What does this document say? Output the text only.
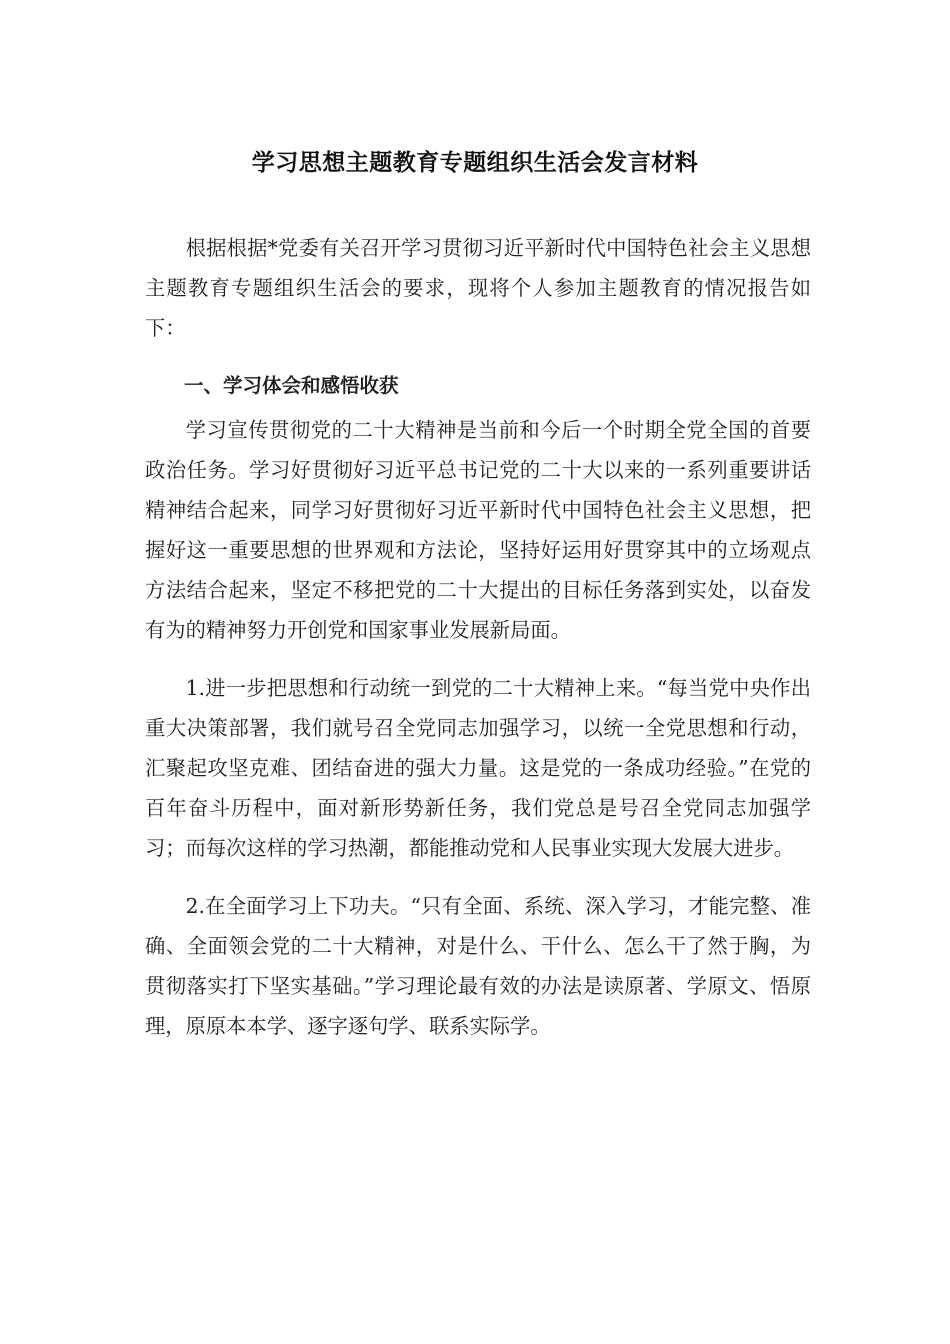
学习思想主题教育专题组织生活会发言材料

根据根据*党委有关召开学习贯彻习近平新时代中国特色社会主义思想主题教育专题组织生活会的要求，现将个人参加主题教育的情况报告如下：

一、学习体会和感悟收获

学习宣传贯彻党的二十大精神是当前和今后一个时期全党全国的首要政治任务。学习好贯彻好习近平总书记党的二十大以来的一系列重要讲话精神结合起来，同学习好贯彻好习近平新时代中国特色社会主义思想，把握好这一重要思想的世界观和方法论，坚持好运用好贯穿其中的立场观点方法结合起来，坚定不移把党的二十大提出的目标任务落到实处，以奋发有为的精神努力开创党和国家事业发展新局面。

1.进一步把思想和行动统一到党的二十大精神上来。“每当党中央作出重大决策部署，我们就号召全党同志加强学习，以统一全党思想和行动，汇聚起攻坚克难、团结奋进的强大力量。这是党的一条成功经验。”在党的百年奋斗历程中，面对新形势新任务，我们党总是号召全党同志加强学习；而每次这样的学习热潮，都能推动党和人民事业实现大发展大进步。

2.在全面学习上下功夫。“只有全面、系统、深入学习，才能完整、准确、全面领会党的二十大精神，对是什么、干什么、怎么干了然于胸，为贯彻落实打下坚实基础。”学习理论最有效的办法是读原著、学原文、悟原理，原原本本学、逐字逐句学、联系实际学。
